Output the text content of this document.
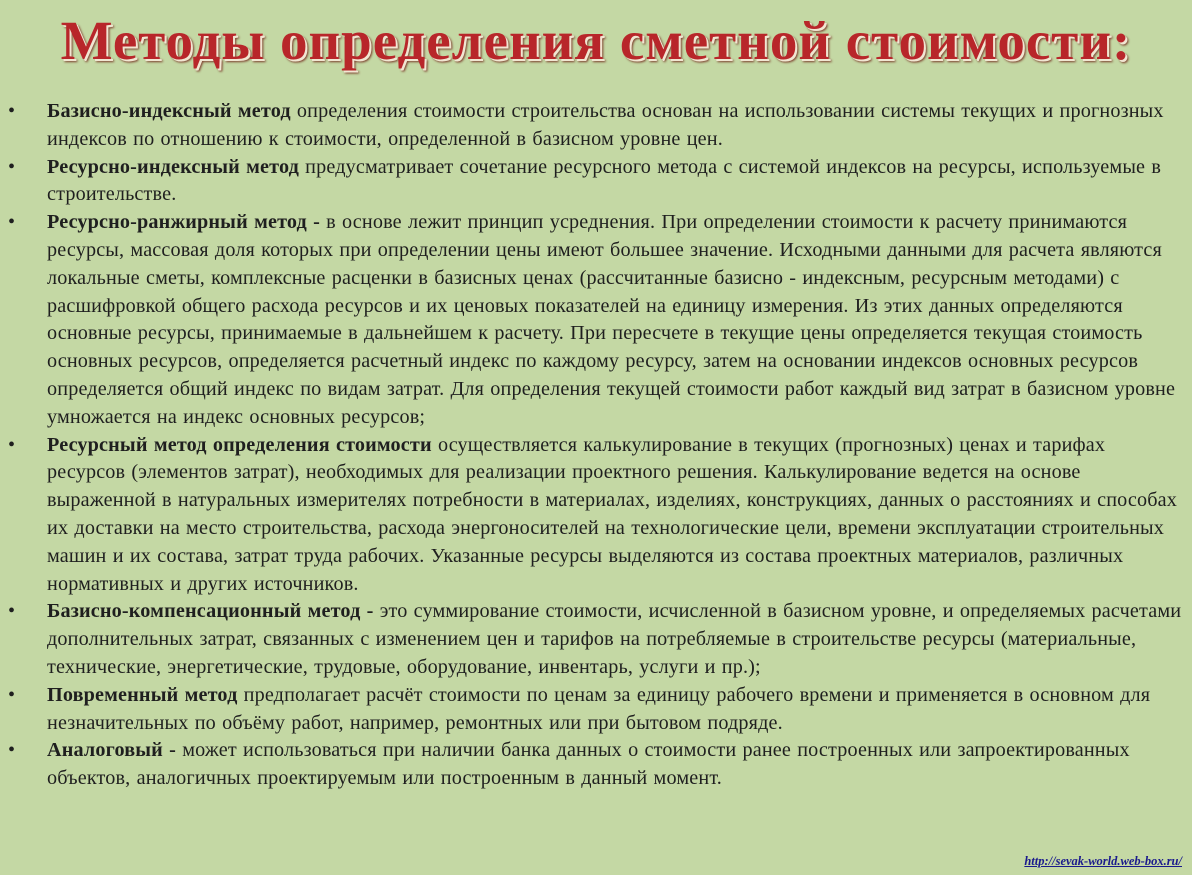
Методы определения сметной стоимости:
•	Базисно-индексный метод определения стоимости строительства основан на использовании системы текущих и прогнозных индексов по отношению к стоимости, определенной в базисном уровне цен.
•	Ресурсно-индексный метод предусматривает сочетание ресурсного метода с системой индексов на ресурсы, используемые в строительстве.
•	Ресурсно-ранжирный метод - в основе лежит принцип усреднения. При определении стоимости к расчету принимаются ресурсы, массовая доля которых при определении цены имеют большее значение. Исходными данными для расчета являются локальные сметы, комплексные расценки в базисных ценах (рассчитанные базисно - индексным, ресурсным методами) с расшифровкой общего расхода ресурсов и их ценовых показателей на единицу измерения. Из этих данных определяются основные ресурсы, принимаемые в дальнейшем к расчету. При пересчете в текущие цены определяется текущая стоимость основных ресурсов, определяется расчетный индекс по каждому ресурсу, затем на основании индексов основных ресурсов определяется общий индекс по видам затрат. Для определения текущей стоимости работ каждый вид затрат в базисном уровне умножается на индекс основных ресурсов;
•	Ресурсный метод определения стоимости осуществляется калькулирование в текущих (прогнозных) ценах и тарифах ресурсов (элементов затрат), необходимых для реализации проектного решения. Калькулирование ведется на основе выраженной в натуральных измерителях потребности в материалах, изделиях, конструкциях, данных о расстояниях и способах их доставки на место строительства, расхода энергоносителей на технологические цели, времени эксплуатации строительных машин и их состава, затрат труда рабочих. Указанные ресурсы выделяются из состава проектных материалов, различных нормативных и других источников.
•	Базисно-компенсационный метод - это суммирование стоимости, исчисленной в базисном уровне, и определяемых расчетами дополнительных затрат, связанных с изменением цен и тарифов на потребляемые в строительстве ресурсы (материальные, технические, энергетические, трудовые, оборудование, инвентарь, услуги и пр.);
•	Повременный метод предполагает расчёт стоимости по ценам за единицу рабочего времени и применяется в основном для незначительных по объёму работ, например, ремонтных или при бытовом подряде.
•	Аналоговый - может использоваться при наличии банка данных о стоимости ранее построенных или запроектированных объектов, аналогичных проектируемым или построенным в данный момент.
http://sevak-world.web-box.ru/
